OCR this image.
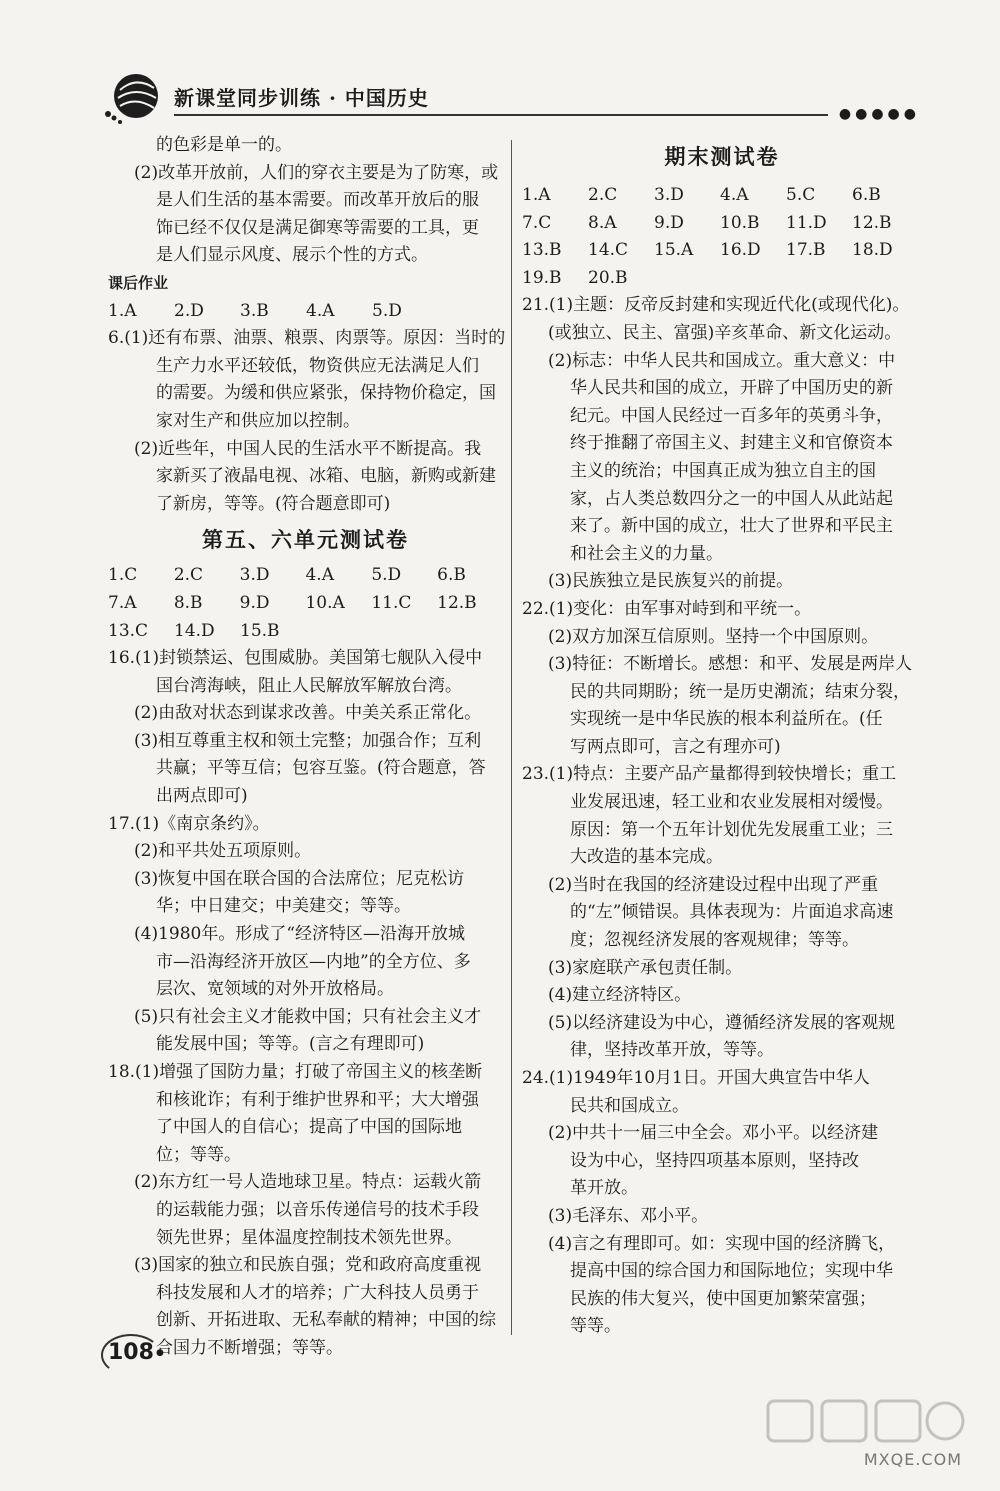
新课堂同步训练 · 中国历史
●●●●●
的色彩是单一的。
(2)改革开放前，人们的穿衣主要是为了防寒，或
是人们生活的基本需要。而改革开放后的服
饰已经不仅仅是满足御寒等需要的工具，更
是人们显示风度、展示个性的方式。
课后作业
1.A	2.D	3.B	4.A	5.D
6.(1)还有布票、油票、粮票、肉票等。原因：当时的
生产力水平还较低，物资供应无法满足人们
的需要。为缓和供应紧张，保持物价稳定，国
家对生产和供应加以控制。
(2)近些年，中国人民的生活水平不断提高。我
家新买了液晶电视、冰箱、电脑，新购或新建
了新房，等等。(符合题意即可)
第五、六单元测试卷
1.C	2.C	3.D	4.A	5.D	6.B
7.A	8.B	9.D	10.A	11.C	12.B
13.C	14.D	15.B
16.(1)封锁禁运、包围威胁。美国第七舰队入侵中
国台湾海峡，阻止人民解放军解放台湾。
(2)由敌对状态到谋求改善。中美关系正常化。
(3)相互尊重主权和领土完整；加强合作；互利
共赢；平等互信；包容互鉴。(符合题意，答
出两点即可)
17.(1)《南京条约》。
(2)和平共处五项原则。
(3)恢复中国在联合国的合法席位；尼克松访
华；中日建交；中美建交；等等。
(4)1980年。形成了“经济特区—沿海开放城
市—沿海经济开放区—内地”的全方位、多
层次、宽领域的对外开放格局。
(5)只有社会主义才能救中国；只有社会主义才
能发展中国；等等。(言之有理即可)
18.(1)增强了国防力量；打破了帝国主义的核垄断
和核讹诈；有利于维护世界和平；大大增强
了中国人的自信心；提高了中国的国际地
位；等等。
(2)东方红一号人造地球卫星。特点：运载火箭
的运载能力强；以音乐传递信号的技术手段
领先世界；星体温度控制技术领先世界。
(3)国家的独立和民族自强；党和政府高度重视
科技发展和人才的培养；广大科技人员勇于
创新、开拓进取、无私奉献的精神；中国的综
合国力不断增强；等等。
期末测试卷
1.A	2.C	3.D	4.A	5.C	6.B
7.C	8.A	9.D	10.B	11.D	12.B
13.B	14.C	15.A	16.D	17.B	18.D
19.B	20.B
21.(1)主题：反帝反封建和实现近代化(或现代化)。
(或独立、民主、富强)辛亥革命、新文化运动。
(2)标志：中华人民共和国成立。重大意义：中
华人民共和国的成立，开辟了中国历史的新
纪元。中国人民经过一百多年的英勇斗争，
终于推翻了帝国主义、封建主义和官僚资本
主义的统治；中国真正成为独立自主的国
家，占人类总数四分之一的中国人从此站起
来了。新中国的成立，壮大了世界和平民主
和社会主义的力量。
(3)民族独立是民族复兴的前提。
22.(1)变化：由军事对峙到和平统一。
(2)双方加深互信原则。坚持一个中国原则。
(3)特征：不断增长。感想：和平、发展是两岸人
民的共同期盼；统一是历史潮流；结束分裂，
实现统一是中华民族的根本利益所在。(任
写两点即可，言之有理亦可)
23.(1)特点：主要产品产量都得到较快增长；重工
业发展迅速，轻工业和农业发展相对缓慢。
原因：第一个五年计划优先发展重工业；三
大改造的基本完成。
(2)当时在我国的经济建设过程中出现了严重
的“左”倾错误。具体表现为：片面追求高速
度；忽视经济发展的客观规律；等等。
(3)家庭联产承包责任制。
(4)建立经济特区。
(5)以经济建设为中心，遵循经济发展的客观规
律，坚持改革开放，等等。
24.(1)1949年10月1日。开国大典宣告中华人
民共和国成立。
(2)中共十一届三中全会。邓小平。以经济建
设为中心，坚持四项基本原则，坚持改
革开放。
(3)毛泽东、邓小平。
(4)言之有理即可。如：实现中国的经济腾飞，
提高中国的综合国力和国际地位；实现中华
民族的伟大复兴，使中国更加繁荣富强；
等等。
108 ●
MXQE.COM
